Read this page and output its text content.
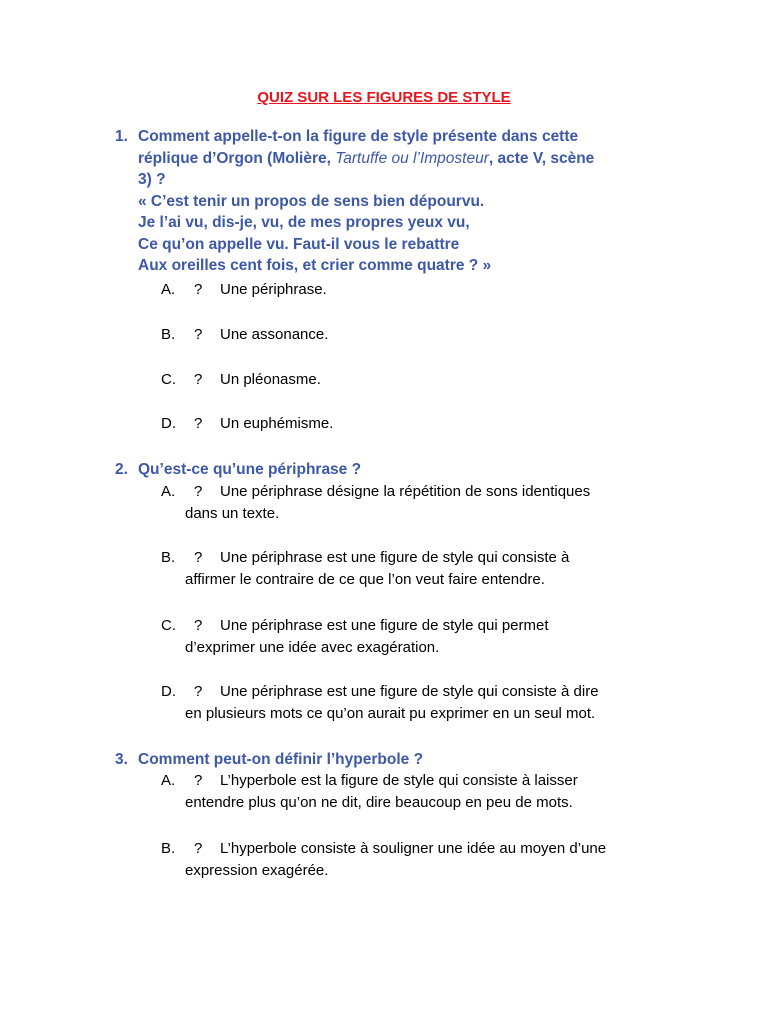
QUIZ SUR LES FIGURES DE STYLE
1. Comment appelle-t-on la figure de style présente dans cette
réplique d’Orgon (Molière, Tartuffe ou l’Imposteur, acte V, scène
3) ?
« C’est tenir un propos de sens bien dépourvu.
Je l’ai vu, dis-je, vu, de mes propres yeux vu,
Ce qu’on appelle vu. Faut-il vous le rebattre
Aux oreilles cent fois, et crier comme quatre ? »
A. ?	Une périphrase.
B. ?	Une assonance.
C. ?	Un pléonasme.
D. ?	Un euphémisme.
2. Qu’est-ce qu’une périphrase ?
A. ?	Une périphrase désigne la répétition de sons identiques
dans un texte.
B. ?	Une périphrase est une figure de style qui consiste à
affirmer le contraire de ce que l’on veut faire entendre.
C. ?	Une périphrase est une figure de style qui permet
d’exprimer une idée avec exagération.
D. ?	Une périphrase est une figure de style qui consiste à dire
en plusieurs mots ce qu’on aurait pu exprimer en un seul mot.
3. Comment peut-on définir l’hyperbole ?
A. ?	L’hyperbole est la figure de style qui consiste à laisser
entendre plus qu’on ne dit, dire beaucoup en peu de mots.
B. ?	L’hyperbole consiste à souligner une idée au moyen d’une
expression exagérée.
